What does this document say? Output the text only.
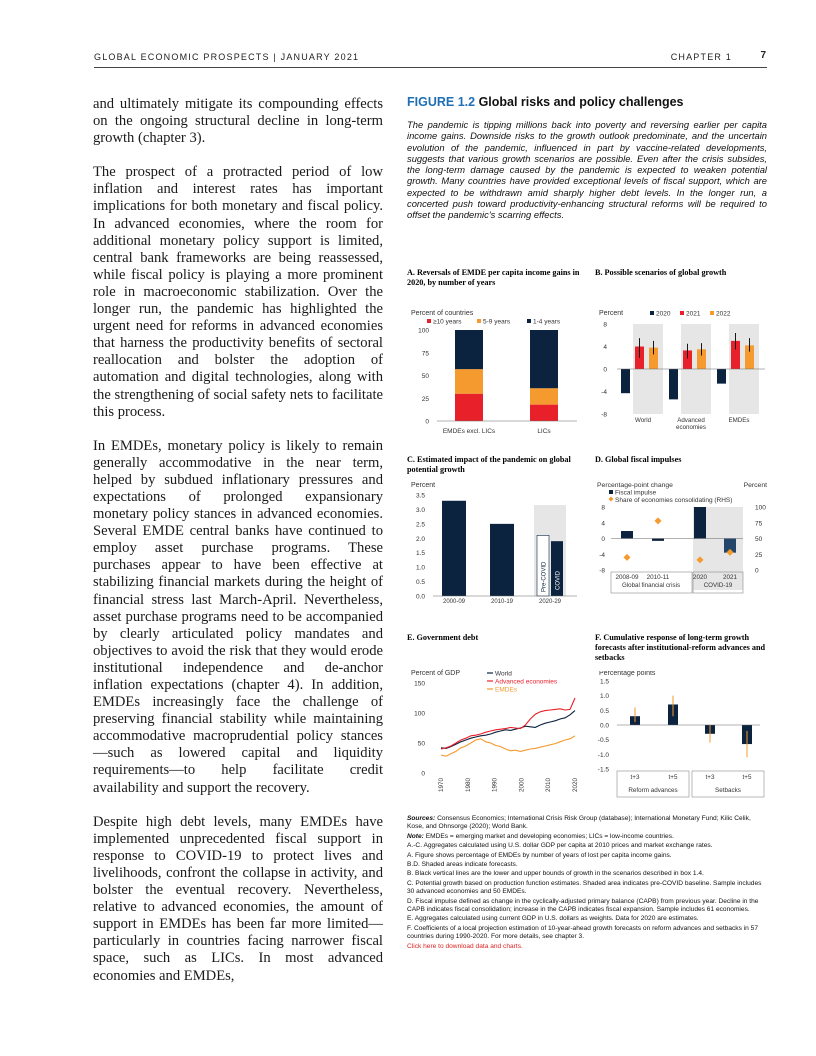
GLOBAL ECONOMIC PROSPECTS | JANUARY 2021	CHAPTER 1	7

and ultimately mitigate its compounding effects on the ongoing structural decline in long-term growth (chapter 3).

The prospect of a protracted period of low inflation and interest rates has important implications for both monetary and fiscal policy. In advanced economies, where the room for additional monetary policy support is limited, central bank frameworks are being reassessed, while fiscal policy is playing a more prominent role in macroeconomic stabilization. Over the longer run, the pandemic has highlighted the urgent need for reforms in advanced economies that harness the productivity benefits of sectoral reallocation and bolster the adoption of automation and digital technologies, along with the strengthening of social safety nets to facilitate this process.

In EMDEs, monetary policy is likely to remain generally accommodative in the near term, helped by subdued inflationary pressures and expectations of prolonged expansionary monetary policy stances in advanced economies. Several EMDE central banks have continued to employ asset purchase programs. These purchases appear to have been effective at stabilizing financial markets during the height of financial stress last March-April. Nevertheless, asset purchase programs need to be accompanied by clearly articulated policy mandates and objectives to avoid the risk that they would erode institutional independence and de-anchor inflation expectations (chapter 4). In addition, EMDEs increasingly face the challenge of preserving financial stability while maintaining accommodative macroprudential policy stances—such as lowered capital and liquidity requirements—to help facilitate credit availability and support the recovery.

Despite high debt levels, many EMDEs have implemented unprecedented fiscal support in response to COVID-19 to protect lives and livelihoods, confront the collapse in activity, and bolster the eventual recovery. Nevertheless, relative to advanced economies, the amount of support in EMDEs has been far more limited—particularly in countries facing narrower fiscal space, such as LICs. In most advanced economies and EMDEs,

FIGURE 1.2 Global risks and policy challenges

The pandemic is tipping millions back into poverty and reversing earlier per capita income gains. Downside risks to the growth outlook predominate, and the uncertain evolution of the pandemic, influenced in part by vaccine-related developments, suggests that various growth scenarios are possible. Even after the crisis subsides, the long-term damage caused by the pandemic is expected to weaken potential growth. Many countries have provided exceptional levels of fiscal support, which are expected to be withdrawn amid sharply higher debt levels. In the longer run, a concerted push toward productivity-enhancing structural reforms will be required to offset the pandemic's scarring effects.

A. Reversals of EMDE per capita income gains in 2020, by number of years
Percent of countries
≥10 years	5-9 years	1-4 years
0
25
50
75
100
EMDEs excl. LICs	LICs
B. Possible scenarios of global growth
Percent	2020 2021 2022
-8
-4
0
4
8
World	Advanced economies
EMDEs
C. Estimated impact of the pandemic on global potential growth
Percent
0.0
0.5
1.0
1.5
2.0
2.5
3.0
3.5
2000-09	2010-19
Pre-COVID COVID
2020-29
D. Global fiscal impulses
Percentage-point change	Percent
Fiscal impulse
Share of economies consolidating (RHS)
-8
-4
0
4
8
0
25
50
75
100
2008-09 2010-11	2020	2021
Global financial crisis	COVID-19
E. Government debt
Percent of GDP	World
Advanced economies
EMDEs
0
50
100
150
1970	1980	1990	2000	2010	2020
F. Cumulative response of long-term growth forecasts after institutional-reform advances and setbacks
Percentage points
-1.5
-1.0
-0.5
0.0
0.5
1.0
1.5
t+3	t+5	t+3	t+5
Reform advances	Setbacks

Sources: Consensus Economics; International Crisis Risk Group (database); International Monetary Fund; Kilic Celik, Kose, and Ohnsorge (2020); World Bank.

Note: EMDEs = emerging market and developing economies; LICs = low-income countries.

A.-C. Aggregates calculated using U.S. dollar GDP per capita at 2010 prices and market exchange rates.

A. Figure shows percentage of EMDEs by number of years of lost per capita income gains.

B.D. Shaded areas indicate forecasts.

B. Black vertical lines are the lower and upper bounds of growth in the scenarios described in box 1.4.

C. Potential growth based on production function estimates. Shaded area indicates pre-COVID baseline. Sample includes 30 advanced economies and 50 EMDEs.

D. Fiscal impulse defined as change in the cyclically-adjusted primary balance (CAPB) from previous year. Decline in the CAPB indicates fiscal consolidation; increase in the CAPB indicates fiscal expansion. Sample includes 61 economies.

E. Aggregates calculated using current GDP in U.S. dollars as weights. Data for 2020 are estimates.

F. Coefficients of a local projection estimation of 10-year-ahead growth forecasts on reform advances and setbacks in 57 countries during 1990-2020. For more details, see chapter 3.

Click here to download data and charts.
